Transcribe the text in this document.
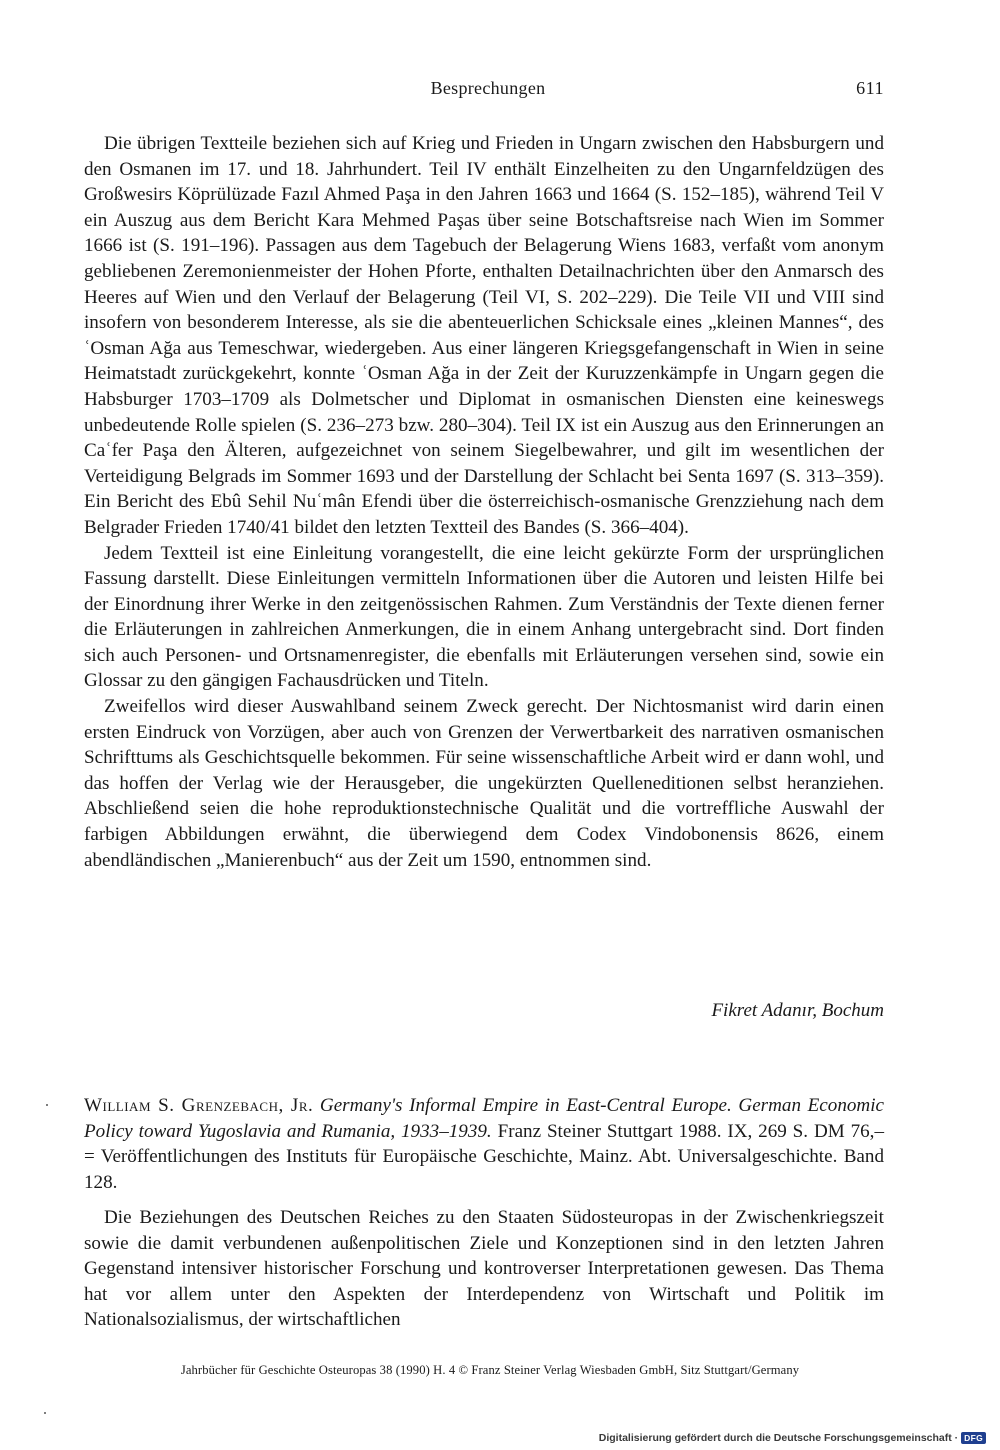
Besprechungen	611

Die übrigen Textteile beziehen sich auf Krieg und Frieden in Ungarn zwischen den Habsburgern und den Osmanen im 17. und 18. Jahrhundert. Teil IV enthält Einzelheiten zu den Ungarnfeldzügen des Großwesirs Köprülüzade Fazıl Ahmed Paşa in den Jahren 1663 und 1664 (S. 152–185), während Teil V ein Auszug aus dem Bericht Kara Mehmed Paşas über seine Botschaftsreise nach Wien im Sommer 1666 ist (S. 191–196). Passagen aus dem Tagebuch der Belagerung Wiens 1683, verfaßt vom anonym gebliebenen Zeremonienmeister der Hohen Pforte, enthalten Detailnachrichten über den Anmarsch des Heeres auf Wien und den Verlauf der Belagerung (Teil VI, S. 202–229). Die Teile VII und VIII sind insofern von besonderem Interesse, als sie die abenteuerlichen Schicksale eines „kleinen Mannes“, des ʿOsman Ağa aus Temeschwar, wiedergeben. Aus einer längeren Kriegsgefangenschaft in Wien in seine Heimatstadt zurückgekehrt, konnte ʿOsman Ağa in der Zeit der Kuruzzenkämpfe in Ungarn gegen die Habsburger 1703–1709 als Dolmetscher und Diplomat in osmanischen Diensten eine keineswegs unbedeutende Rolle spielen (S. 236–273 bzw. 280–304). Teil IX ist ein Auszug aus den Erinnerungen an Caʿfer Paşa den Älteren, aufgezeichnet von seinem Siegelbewahrer, und gilt im wesentlichen der Verteidigung Belgrads im Sommer 1693 und der Darstellung der Schlacht bei Senta 1697 (S. 313–359). Ein Bericht des Ebû Sehil Nuʿmân Efendi über die österreichisch-osmanische Grenzziehung nach dem Belgrader Frieden 1740/41 bildet den letzten Textteil des Bandes (S. 366–404).

Jedem Textteil ist eine Einleitung vorangestellt, die eine leicht gekürzte Form der ursprünglichen Fassung darstellt. Diese Einleitungen vermitteln Informationen über die Autoren und leisten Hilfe bei der Einordnung ihrer Werke in den zeitgenössischen Rahmen. Zum Verständnis der Texte dienen ferner die Erläuterungen in zahlreichen Anmerkungen, die in einem Anhang untergebracht sind. Dort finden sich auch Personen- und Ortsnamenregister, die ebenfalls mit Erläuterungen versehen sind, sowie ein Glossar zu den gängigen Fachausdrücken und Titeln.

Zweifellos wird dieser Auswahlband seinem Zweck gerecht. Der Nichtosmanist wird darin einen ersten Eindruck von Vorzügen, aber auch von Grenzen der Verwertbarkeit des narrativen osmanischen Schrifttums als Geschichtsquelle bekommen. Für seine wissenschaftliche Arbeit wird er dann wohl, und das hoffen der Verlag wie der Herausgeber, die ungekürzten Quelleneditionen selbst heranziehen. Abschließend seien die hohe reproduktionstechnische Qualität und die vortreffliche Auswahl der farbigen Abbildungen erwähnt, die überwiegend dem Codex Vindobonensis 8626, einem abendländischen „Manierenbuch“ aus der Zeit um 1590, entnommen sind.

Fikret Adanır, Bochum
William S. Grenzebach, Jr. Germany's Informal Empire in East-Central Europe. German Economic Policy toward Yugoslavia and Rumania, 1933–1939. Franz Steiner Stuttgart 1988. IX, 269 S. DM 76,– = Veröffentlichungen des Instituts für Europäische Geschichte, Mainz. Abt. Universalgeschichte. Band 128.

Die Beziehungen des Deutschen Reiches zu den Staaten Südosteuropas in der Zwischenkriegszeit sowie die damit verbundenen außenpolitischen Ziele und Konzeptionen sind in den letzten Jahren Gegenstand intensiver historischer Forschung und kontroverser Interpretationen gewesen. Das Thema hat vor allem unter den Aspekten der Interdependenz von Wirtschaft und Politik im Nationalsozialismus, der wirtschaftlichen

Jahrbücher für Geschichte Osteuropas 38 (1990) H. 4 © Franz Steiner Verlag Wiesbaden GmbH, Sitz Stuttgart/Germany
Digitalisierung gefördert durch die Deutsche Forschungsgemeinschaft · DFG
